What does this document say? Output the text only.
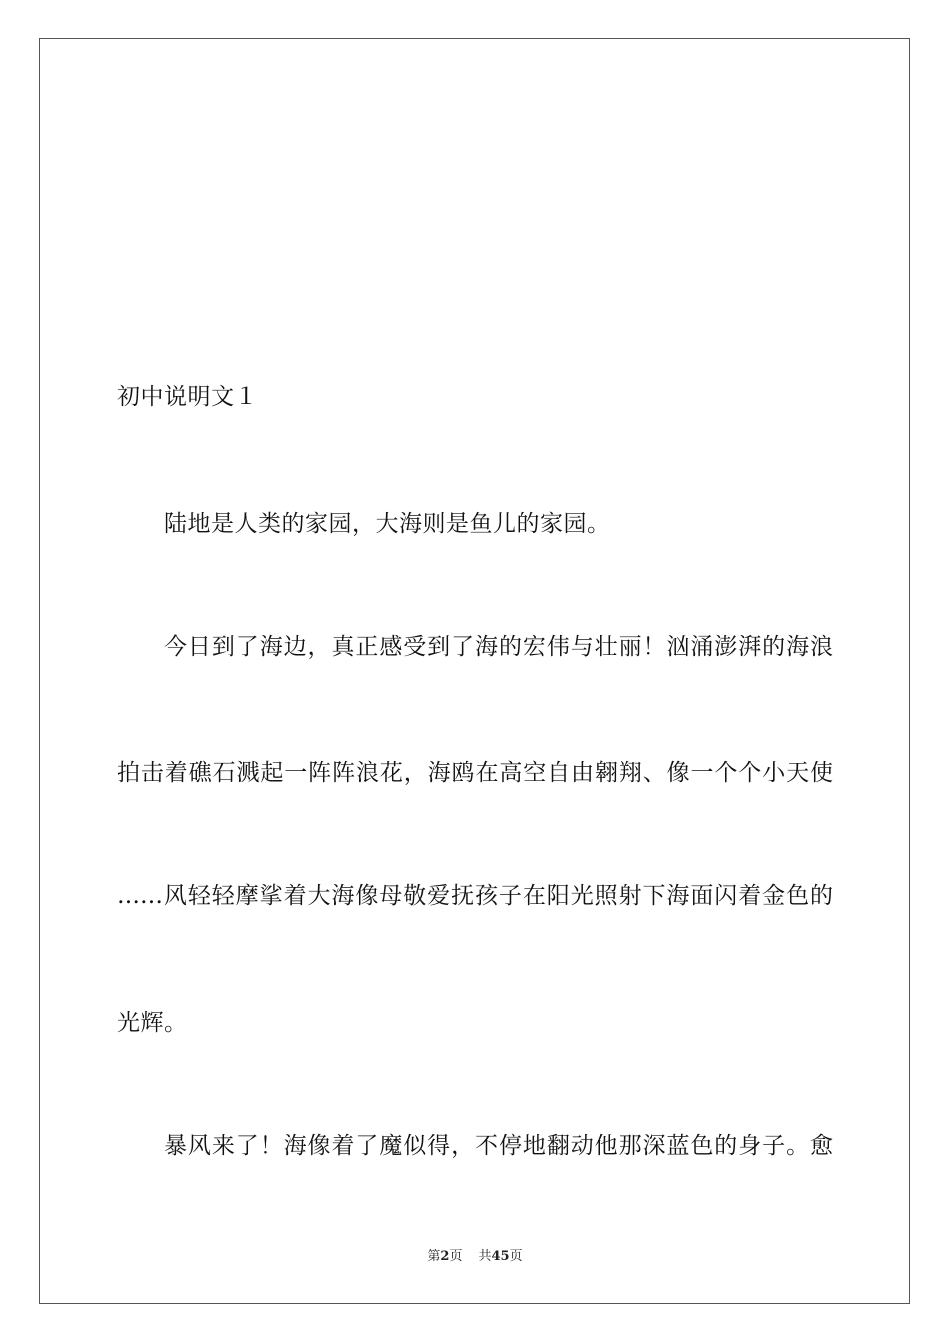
初中说明文１
陆地是人类的家园，大海则是鱼儿的家园。
今日到了海边，真正感受到了海的宏伟与壮丽！汹涌澎湃的海浪
拍击着礁石溅起一阵阵浪花，海鸥在高空自由翱翔、像一个个小天使
……风轻轻摩挲着大海像母敬爱抚孩子在阳光照射下海面闪着金色的
光辉。
暴风来了！海像着了魔似得，不停地翻动他那深蓝色的身子。愈
第2页 共45页
